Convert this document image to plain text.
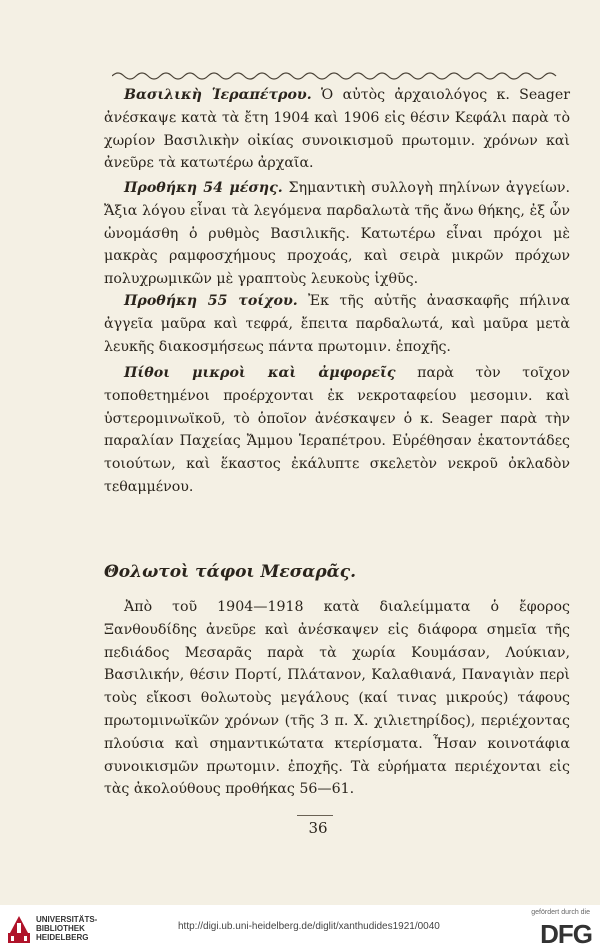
Βασιλικὴ Ἱεραπέτρου. Ὁ αὐτὸς ἀρχαιολόγος κ. Seager ἀνέσκαψε κατὰ τὰ ἔτη 1904 καὶ 1906 εἰς θέσιν Κεφάλι παρὰ τὸ χωρίον Βασιλικὴν οἰκίας συνοικισμοῦ πρωτομιν. χρόνων καὶ ἀνεῦρε τὰ κατωτέρω ἀρχαῖα.

Προθήκη 54 μέσης. Σημαντικὴ συλλογὴ πηλίνων ἀγγείων. Ἄξια λόγου εἶναι τὰ λεγόμενα παρδαλωτὰ τῆς ἄνω θήκης, ἐξ ὧν ὠνομάσθη ὁ ρυθμὸς Βασιλικῆς. Κατωτέρω εἶναι πρόχοι μὲ μακρὰς ραμφοσχήμους προχοάς, καὶ σειρὰ μικρῶν πρόχων πολυχρωμικῶν μὲ γραπτοὺς λευκοὺς ἰχθῦς.

Προθήκη 55 τοίχου. Ἐκ τῆς αὐτῆς ἀνασκαφῆς πήλινα ἀγγεῖα μαῦρα καὶ τεφρά, ἔπειτα παρδαλωτά, καὶ μαῦρα μετὰ λευκῆς διακοσμήσεως πάντα πρωτομιν. ἐποχῆς.

Πίθοι μικροὶ καὶ ἀμφορεῖς παρὰ τὸν τοῖχον τοποθετημένοι προέρχονται ἐκ νεκροταφείου μεσομιν. καὶ ὑστερομινωϊκοῦ, τὸ ὁποῖον ἀνέσκαψεν ὁ κ. Seager παρὰ τὴν παραλίαν Παχείας Ἄμμου Ἱεραπέτρου. Εὑρέθησαν ἑκατοντάδες τοιούτων, καὶ ἕκαστος ἐκάλυπτε σκελετὸν νεκροῦ ὀκλαδὸν τεθαμμένου.

Θολωτοὶ τάφοι Μεσαρᾶς.

Ἀπὸ τοῦ 1904—1918 κατὰ διαλείμματα ὁ ἔφορος Ξανθουδίδης ἀνεῦρε καὶ ἀνέσκαψεν εἰς διάφορα σημεῖα τῆς πεδιάδος Μεσαρᾶς παρὰ τὰ χωρία Κουμάσαν, Λούκιαν, Βασιλικήν, θέσιν Πορτί, Πλάτανον, Καλαθιανά, Παναγιὰν περὶ τοὺς εἴκοσι θολωτοὺς μεγάλους (καί τινας μικρούς) τάφους πρωτομινωϊκῶν χρόνων (τῆς 3 π. Χ. χιλιετηρίδος), περιέχοντας πλούσια καὶ σημαντικώτατα κτερίσματα. Ἦσαν κοινοτάφια συνοικισμῶν πρωτομιν. ἐποχῆς. Τὰ εὑρήματα περιέχονται εἰς τὰς ἀκολούθους προθήκας 56—61.

36

UNIVERSITÄTS-
BIBLIOTHEK
HEIDELBERG
http://digi.ub.uni-heidelberg.de/diglit/xanthudides1921/0040
gefördert durch die
DFG
